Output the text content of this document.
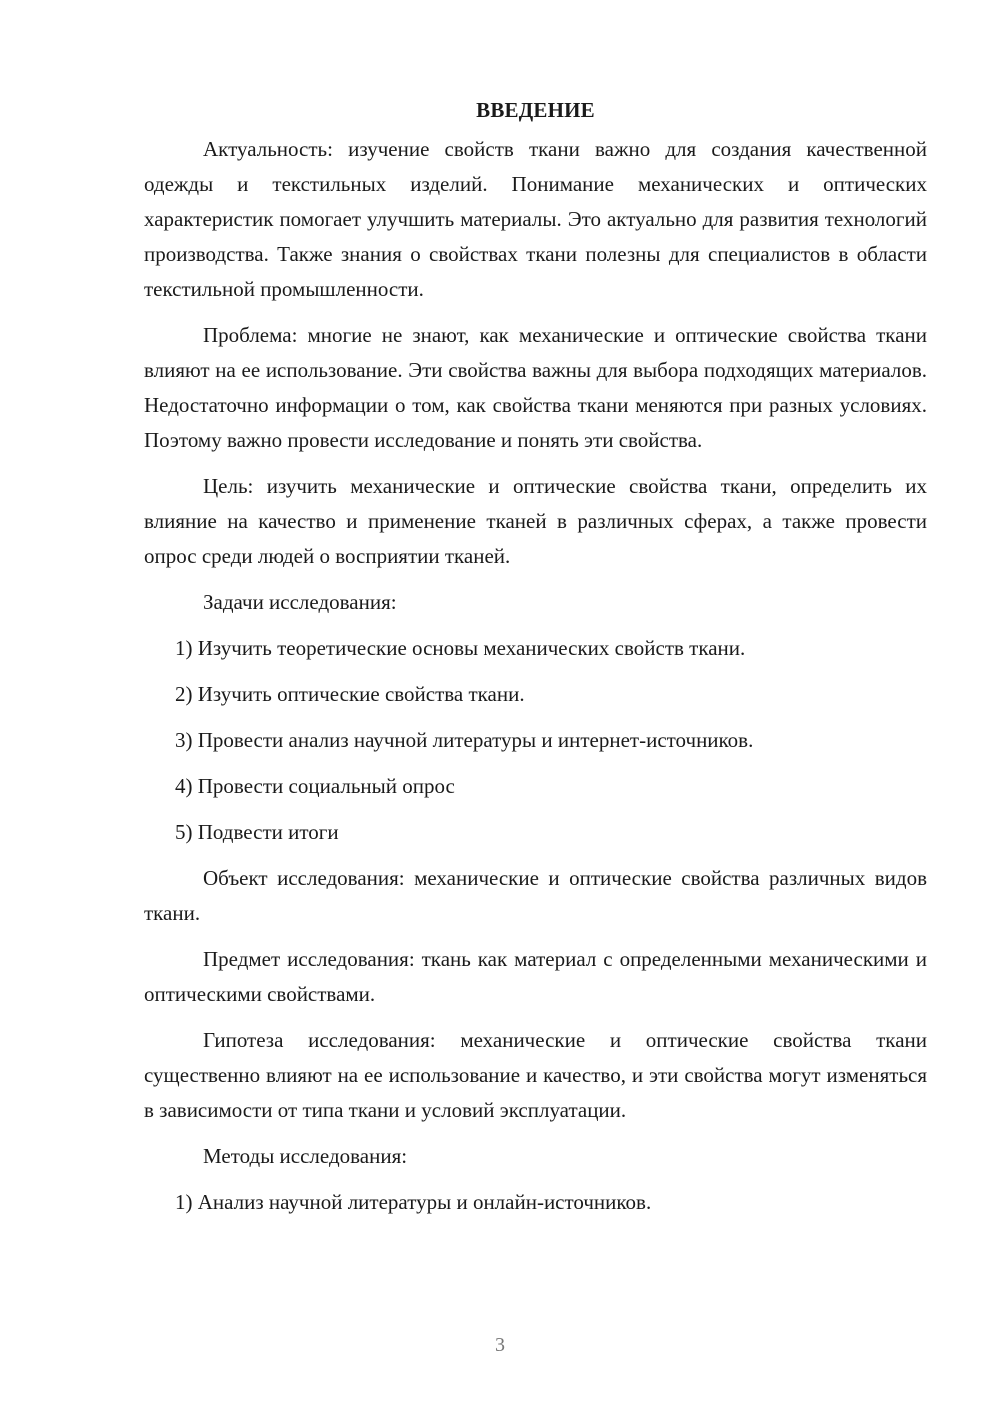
ВВЕДЕНИЕ

Актуальность: изучение свойств ткани важно для создания качественной одежды и текстильных изделий. Понимание механических и оптических характеристик помогает улучшить материалы. Это актуально для развития технологий производства. Также знания о свойствах ткани полезны для специалистов в области текстильной промышленности.

Проблема: многие не знают, как механические и оптические свойства ткани влияют на ее использование. Эти свойства важны для выбора подходящих материалов. Недостаточно информации о том, как свойства ткани меняются при разных условиях. Поэтому важно провести исследование и понять эти свойства.

Цель: изучить механические и оптические свойства ткани, определить их влияние на качество и применение тканей в различных сферах, а также провести опрос среди людей о восприятии тканей.

Задачи исследования:

1) Изучить теоретические основы механических свойств ткани.
2) Изучить оптические свойства ткани.
3) Провести анализ научной литературы и интернет-источников.
4) Провести социальный опрос
5) Подвести итоги

Объект исследования: механические и оптические свойства различных видов ткани.

Предмет исследования: ткань как материал с определенными механическими и оптическими свойствами.

Гипотеза исследования: механические и оптические свойства ткани существенно влияют на ее использование и качество, и эти свойства могут изменяться в зависимости от типа ткани и условий эксплуатации.

Методы исследования:

1) Анализ научной литературы и онлайн-источников.
3
